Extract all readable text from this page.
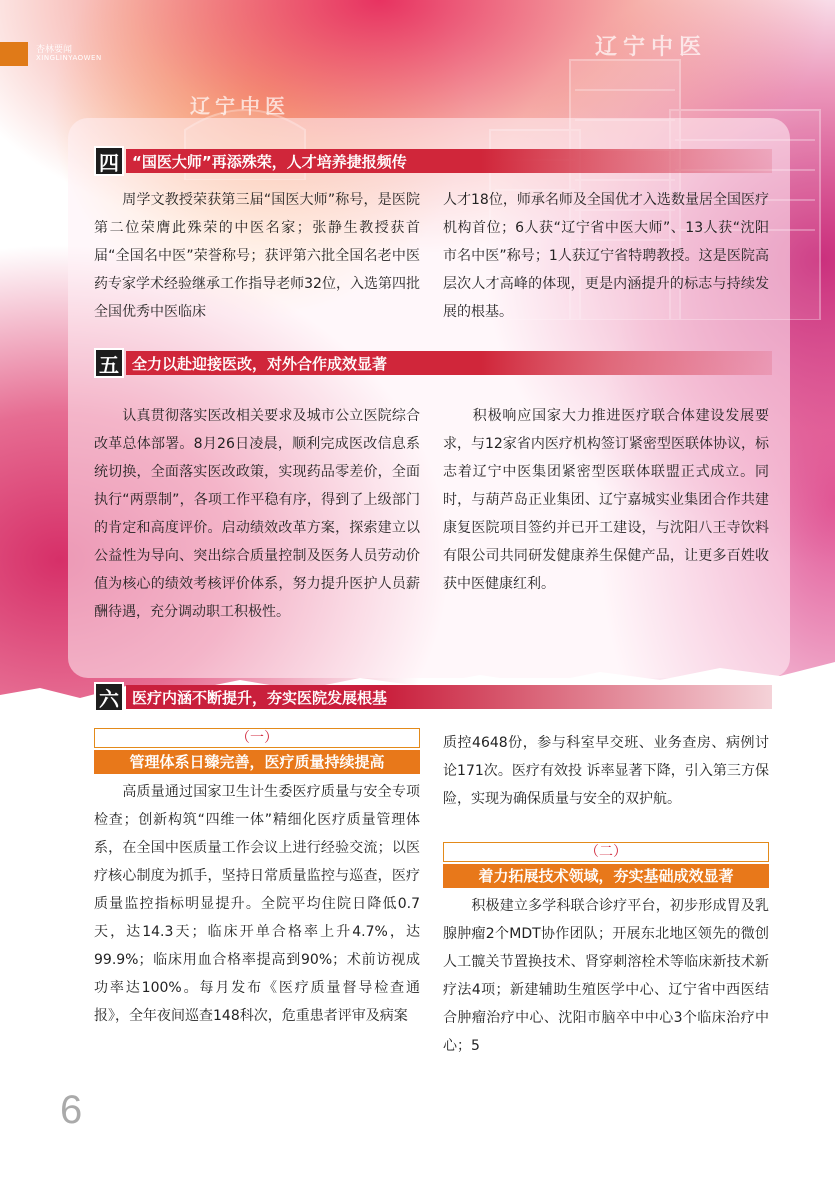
辽宁中医
辽宁中医
杏林要闻
XINGLINYAOWEN
四 “国医大师”再添殊荣，人才培养捷报频传

　　周学文教授荣获第三届“国医大师”称号，是医院第二位荣膺此殊荣的中医名家；张静生教授获首届“全国名中医”荣誉称号；获评第六批全国名老中医药专家学术经验继承工作指导老师32位，入选第四批全国优秀中医临床

人才18位，师承名师及全国优才入选数量居全国医疗机构首位；6人获“辽宁省中医大师”、13人获“沈阳市名中医”称号；1人获辽宁省特聘教授。这是医院高层次人才高峰的体现，更是内涵提升的标志与持续发展的根基。

五 全力以赴迎接医改，对外合作成效显著

　　认真贯彻落实医改相关要求及城市公立医院综合改革总体部署。8月26日凌晨，顺利完成医改信息系统切换，全面落实医改政策，实现药品零差价，全面执行“两票制”，各项工作平稳有序，得到了上级部门的肯定和高度评价。启动绩效改革方案，探索建立以公益性为导向、突出综合质量控制及医务人员劳动价值为核心的绩效考核评价体系，努力提升医护人员薪酬待遇，充分调动职工积极性。

　　积极响应国家大力推进医疗联合体建设发展要求，与12家省内医疗机构签订紧密型医联体协议，标志着辽宁中医集团紧密型医联体联盟正式成立。同时，与葫芦岛正业集团、辽宁嘉城实业集团合作共建康复医院项目签约并已开工建设，与沈阳八王寺饮料有限公司共同研发健康养生保健产品，让更多百姓收获中医健康红利。

六 医疗内涵不断提升，夯实医院发展根基
（一）
管理体系日臻完善，医疗质量持续提高

　　高质量通过国家卫生计生委医疗质量与安全专项检查；创新构筑“四维一体”精细化医疗质量管理体系，在全国中医质量工作会议上进行经验交流；以医疗核心制度为抓手，坚持日常质量监控与巡查，医疗质量监控指标明显提升。全院平均住院日降低0.7天，达14.3天；临床开单合格率上升4.7%，达99.9%；临床用血合格率提高到90%；术前访视成功率达100%。每月发布《医疗质量督导检查通报》，全年夜间巡查148科次，危重患者评审及病案

质控4648份，参与科室早交班、业务查房、病例讨论171次。医疗有效投 诉率显著下降，引入第三方保险，实现为确保质量与安全的双护航。

（二）
着力拓展技术领域，夯实基础成效显著

　　积极建立多学科联合诊疗平台，初步形成胃及乳腺肿瘤2个MDT协作团队；开展东北地区领先的微创人工髋关节置换技术、肾穿刺溶栓术等临床新技术新疗法4项；新建辅助生殖医学中心、辽宁省中西医结合肿瘤治疗中心、沈阳市脑卒中中心3个临床治疗中心；5

6
